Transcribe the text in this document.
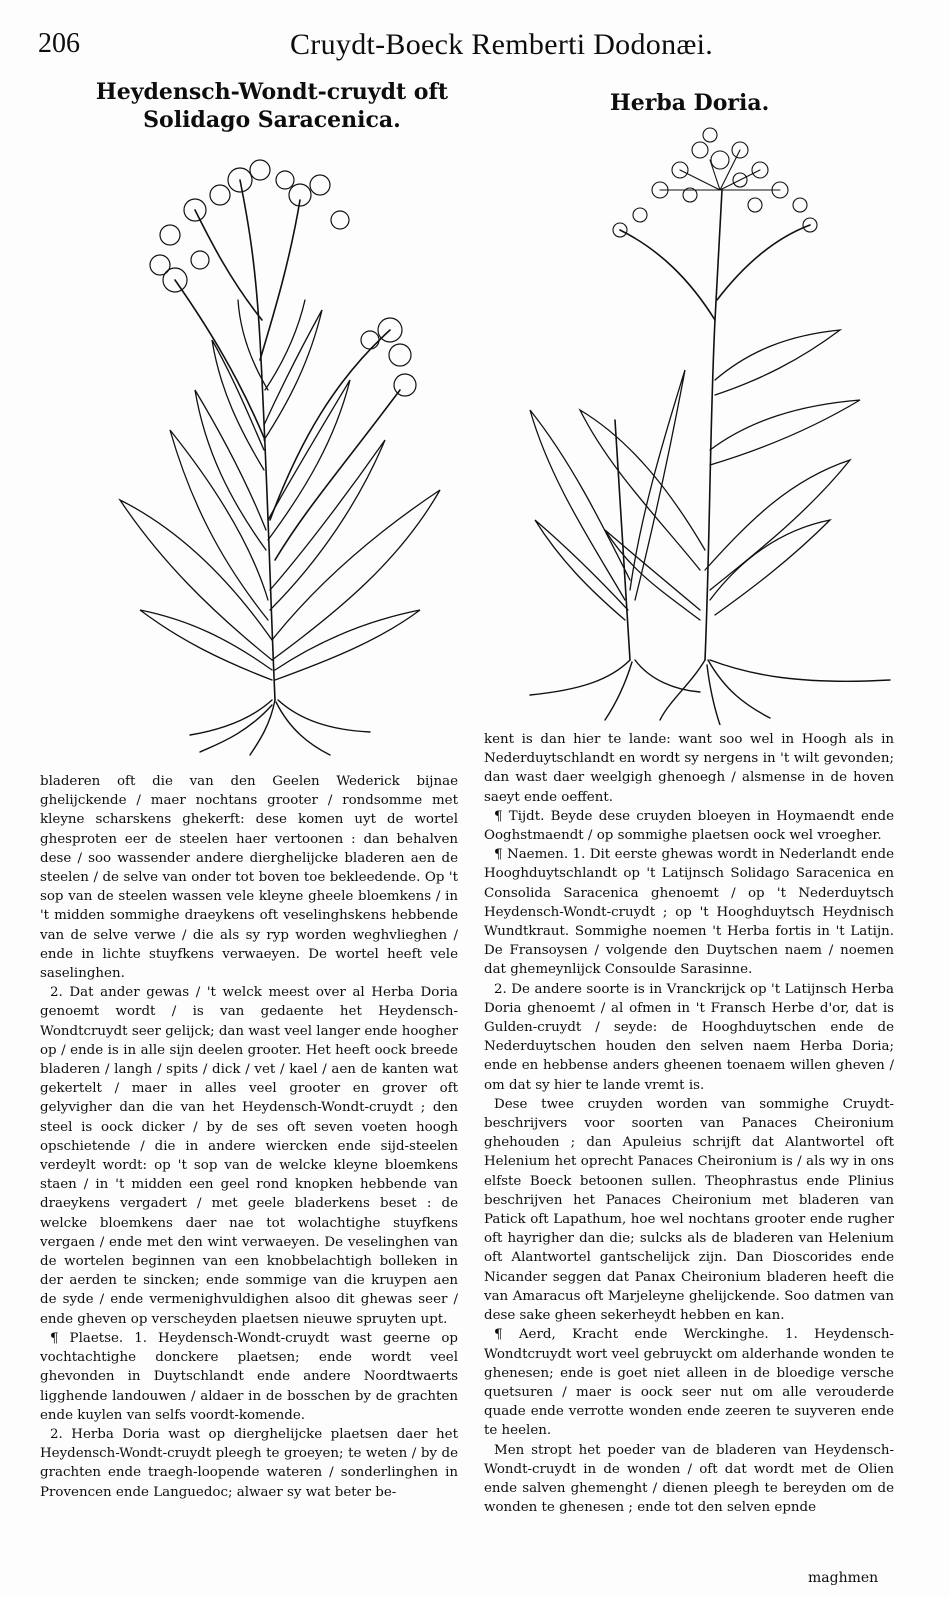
206	Cruydt-Boeck Remberti Dodonæi.
Heydensch-Wondt-cruydt oft Solidago Saracenica.
Herba Doria.

bladeren oft die van den Geelen Wederick bijnae ghelijckende / maer nochtans grooter / rondsomme met kleyne scharskens ghekerft: dese komen uyt de wortel ghesproten eer de steelen haer vertoonen : dan behalven dese / soo wassender andere dierghelijcke bladeren aen de steelen / de selve van onder tot boven toe bekleedende. Op 't sop van de steelen wassen vele kleyne gheele bloemkens / in 't midden sommighe draeykens oft veselinghskens hebbende van de selve verwe / die als sy ryp worden weghvlieghen / ende in lichte stuyfkens verwaeyen. De wortel heeft vele saselinghen.

2. Dat ander gewas / 't welck meest over al Herba Doria genoemt wordt / is van gedaente het Heydensch-Wondtcruydt seer gelijck; dan wast veel langer ende hoogher op / ende is in alle sijn deelen grooter. Het heeft oock breede bladeren / langh / spits / dick / vet / kael / aen de kanten wat gekertelt / maer in alles veel grooter en grover oft gelyvigher dan die van het Heydensch-Wondt-cruydt ; den steel is oock dicker / by de ses oft seven voeten hoogh opschietende / die in andere wiercken ende sijd-steelen verdeylt wordt: op 't sop van de welcke kleyne bloemkens staen / in 't midden een geel rond knopken hebbende van draeykens vergadert / met geele bladerkens beset : de welcke bloemkens daer nae tot wolachtighe stuyfkens vergaen / ende met den wint verwaeyen. De veselinghen van de wortelen beginnen van een knobbelachtigh bolleken in der aerden te sincken; ende sommige van die kruypen aen de syde / ende vermenighvuldighen alsoo dit ghewas seer / ende gheven op verscheyden plaetsen nieuwe spruyten upt.

¶ Plaetse. 1. Heydensch-Wondt-cruydt wast geerne op vochtachtighe donckere plaetsen; ende wordt veel ghevonden in Duytschlandt ende andere Noordtwaerts ligghende landouwen / aldaer in de bosschen by de grachten ende kuylen van selfs voordt-komende.

2. Herba Doria wast op dierghelijcke plaetsen daer het Heydensch-Wondt-cruydt pleegh te groeyen; te weten / by de grachten ende traegh-loopende wateren / sonderlinghen in Provencen ende Languedoc; alwaer sy wat beter be-

kent is dan hier te lande: want soo wel in Hoogh als in Nederduytschlandt en wordt sy nergens in 't wilt gevonden; dan wast daer weelgigh ghenoegh / alsmense in de hoven saeyt ende oeffent.

¶ Tijdt. Beyde dese cruyden bloeyen in Hoymaendt ende Ooghstmaendt / op sommighe plaetsen oock wel vroegher.

¶ Naemen. 1. Dit eerste ghewas wordt in Nederlandt ende Hooghduytschlandt op 't Latijnsch Solidago Saracenica en Consolida Saracenica ghenoemt / op 't Nederduytsch Heydensch-Wondt-cruydt ; op 't Hooghduytsch Heydnisch Wundtkraut. Sommighe noemen 't Herba fortis in 't Latijn. De Fransoysen / volgende den Duytschen naem / noemen dat ghemeynlijck Consoulde Sarasinne.

2. De andere soorte is in Vranckrijck op 't Latijnsch Herba Doria ghenoemt / al ofmen in 't Fransch Herbe d'or, dat is Gulden-cruydt / seyde: de Hooghduytschen ende de Nederduytschen houden den selven naem Herba Doria; ende en hebbense anders gheenen toenaem willen gheven / om dat sy hier te lande vremt is.

Dese twee cruyden worden van sommighe Cruydt-beschrijvers voor soorten van Panaces Cheironium ghehouden ; dan Apuleius schrijft dat Alantwortel oft Helenium het oprecht Panaces Cheironium is / als wy in ons elfste Boeck betoonen sullen. Theophrastus ende Plinius beschrijven het Panaces Cheironium met bladeren van Patick oft Lapathum, hoe wel nochtans grooter ende rugher oft hayrigher dan die; sulcks als de bladeren van Helenium oft Alantwortel gantschelijck zijn. Dan Dioscorides ende Nicander seggen dat Panax Cheironium bladeren heeft die van Amaracus oft Marjeleyne ghelijckende. Soo datmen van dese sake gheen sekerheydt hebben en kan.

¶ Aerd, Kracht ende Werckinghe. 1. Heydensch-Wondtcruydt wort veel gebruyckt om alderhande wonden te ghenesen; ende is goet niet alleen in de bloedige versche quetsuren / maer is oock seer nut om alle verouderde quade ende verrotte wonden ende zeeren te suyveren ende te heelen.

Men stropt het poeder van de bladeren van Heydensch-Wondt-cruydt in de wonden / oft dat wordt met de Olien ende salven ghemenght / dienen pleegh te bereyden om de wonden te ghenesen ; ende tot den selven epnde

maghmen
